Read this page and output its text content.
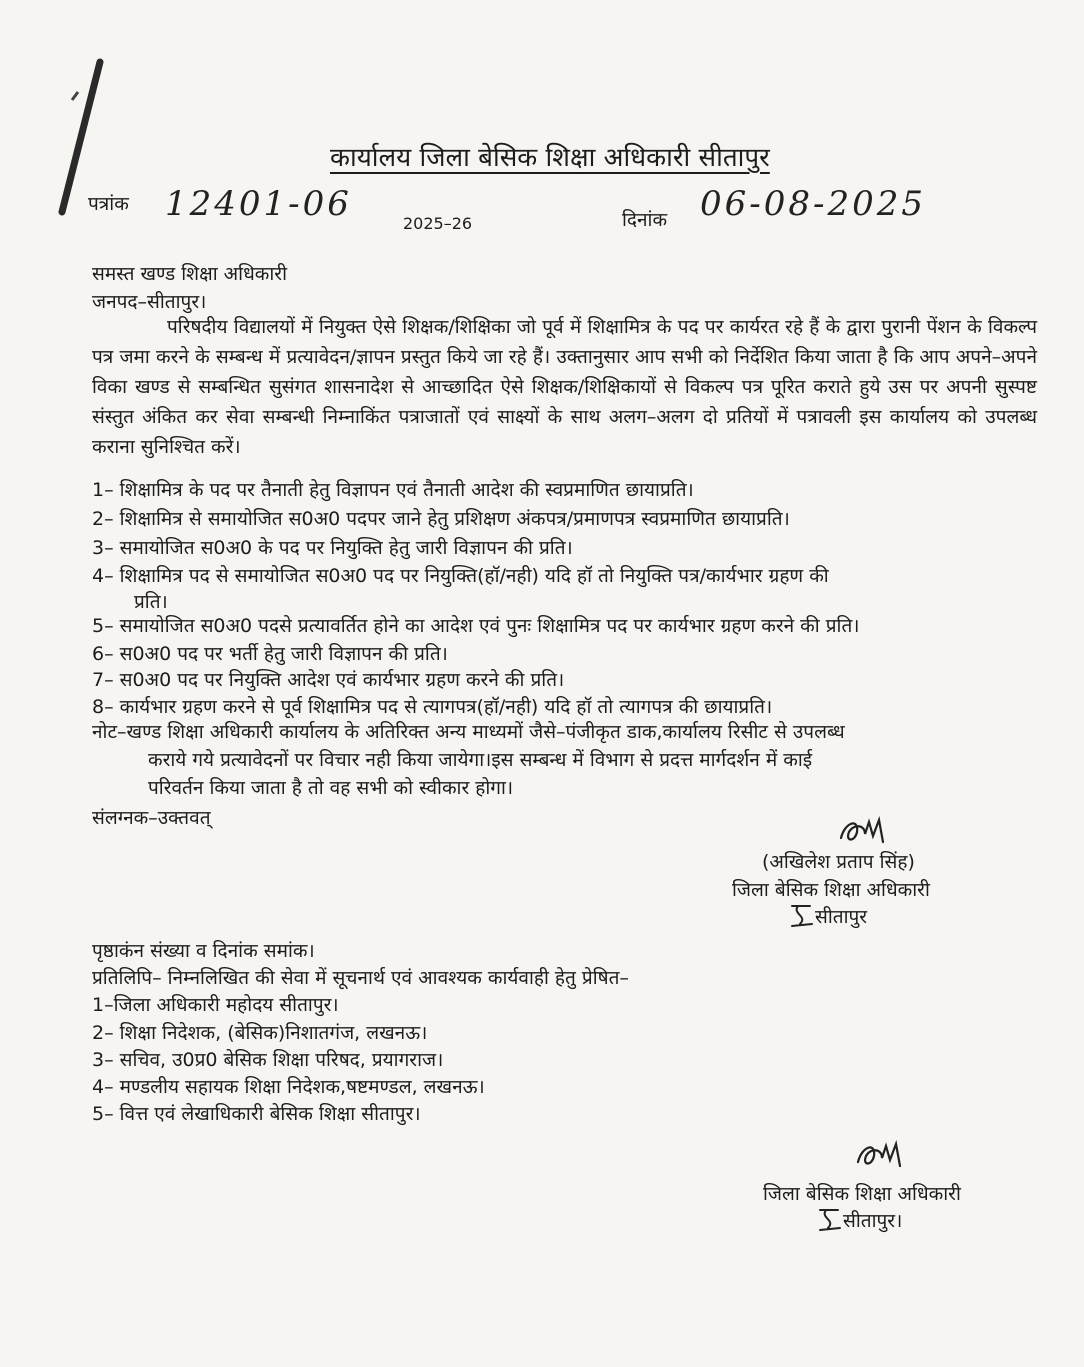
कार्यालय जिला बेसिक शिक्षा अधिकारी सीतापुर
पत्रांक 12401-06	2025–26	दिनांक 06-08-2025
समस्त खण्ड शिक्षा अधिकारी
जनपद–सीतापुर।
परिषदीय विद्यालयों में नियुक्त ऐसे शिक्षक/शिक्षिका जो पूर्व में शिक्षामित्र के पद पर कार्यरत रहे हैं के द्वारा पुरानी पेंशन के विकल्प पत्र जमा करने के सम्बन्ध में प्रत्यावेदन/ज्ञापन प्रस्तुत किये जा रहे हैं। उक्तानुसार आप सभी को निर्देशित किया जाता है कि आप अपने–अपने विका खण्ड से सम्बन्धित सुसंगत शासनादेश से आच्छादित ऐसे शिक्षक/शिक्षिकायों से विकल्प पत्र पूरित कराते हुये उस पर अपनी सुस्पष्ट संस्तुत अंकित कर सेवा सम्बन्धी निम्नाकिंत पत्राजातों एवं साक्ष्यों के साथ अलग–अलग दो प्रतियों में पत्रावली इस कार्यालय को उपलब्ध कराना सुनिश्चित करें।
1– शिक्षामित्र के पद पर तैनाती हेतु विज्ञापन एवं तैनाती आदेश की स्वप्रमाणित छायाप्रति।
2– शिक्षामित्र से समायोजित स0अ0 पदपर जाने हेतु प्रशिक्षण अंकपत्र/प्रमाणपत्र स्वप्रमाणित छायाप्रति।
3– समायोजित स0अ0 के पद पर नियुक्ति हेतु जारी विज्ञापन की प्रति।
4– शिक्षामित्र पद से समायोजित स0अ0 पद पर नियुक्ति(हॉ/नही) यदि हॉ तो नियुक्ति पत्र/कार्यभार ग्रहण की
प्रति।
5– समायोजित स0अ0 पदसे प्रत्यावर्तित होने का आदेश एवं पुनः शिक्षामित्र पद पर कार्यभार ग्रहण करने की प्रति।
6– स0अ0 पद पर भर्ती हेतु जारी विज्ञापन की प्रति।
7– स0अ0 पद पर नियुक्ति आदेश एवं कार्यभार ग्रहण करने की प्रति।
8– कार्यभार ग्रहण करने से पूर्व शिक्षामित्र पद से त्यागपत्र(हॉ/नही) यदि हॉ तो त्यागपत्र की छायाप्रति।
नोट–खण्ड शिक्षा अधिकारी कार्यालय के अतिरिक्त अन्य माध्यमों जैसे–पंजीकृत डाक,कार्यालय रिसीट से उपलब्ध
कराये गये प्रत्यावेदनों पर विचार नही किया जायेगा।इस सम्बन्ध में विभाग से प्रदत्त मार्गदर्शन में काई
परिवर्तन किया जाता है तो वह सभी को स्वीकार होगा।
संलग्नक–उक्तवत्
(अखिलेश प्रताप सिंह)
जिला बेसिक शिक्षा अधिकारी
सीतापुर
पृष्ठाकंन संख्या व दिनांक समांक।
प्रतिलिपि– निम्नलिखित की सेवा में सूचनार्थ एवं आवश्यक कार्यवाही हेतु प्रेषित–
1–जिला अधिकारी महोदय सीतापुर।
2– शिक्षा निदेशक, (बेसिक)निशातगंज, लखनऊ।
3– सचिव, उ0प्र0 बेसिक शिक्षा परिषद, प्रयागराज।
4– मण्डलीय सहायक शिक्षा निदेशक,षष्टमण्डल, लखनऊ।
5– वित्त एवं लेखाधिकारी बेसिक शिक्षा सीतापुर।
जिला बेसिक शिक्षा अधिकारी
सीतापुर।
